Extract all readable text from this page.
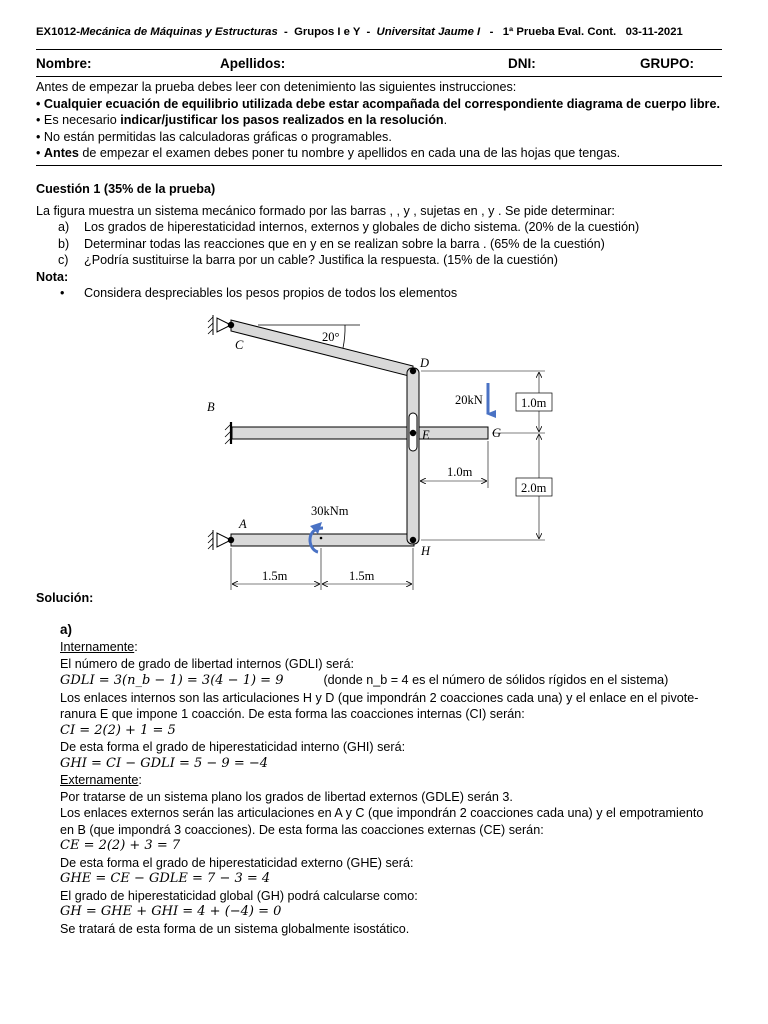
EX1012-Mecánica de Máquinas y Estructuras - Grupos I e Y - Universitat Jaume I - 1ª Prueba Eval. Cont. 03-11-2021
Nombre:	Apellidos:	DNI:	GRUPO:
Antes de empezar la prueba debes leer con detenimiento las siguientes instrucciones:
• Cualquier ecuación de equilibrio utilizada debe estar acompañada del correspondiente diagrama de cuerpo libre.
• Es necesario indicar/justificar los pasos realizados en la resolución.
• No están permitidas las calculadoras gráficas o programables.
• Antes de empezar el examen debes poner tu nombre y apellidos en cada una de las hojas que tengas.
Cuestión 1 (35% de la prueba)
La figura muestra un sistema mecánico formado por las barras , , y , sujetas en , y . Se pide determinar:
a)	Los grados de hiperestaticidad internos, externos y globales de dicho sistema. (20% de la cuestión)
b)	Determinar todas las reacciones que en y en se realizan sobre la barra . (65% de la cuestión)
c)	¿Podría sustituirse la barra por un cable? Justifica la respuesta. (15% de la cuestión)
Nota:
•	Considera despreciables los pesos propios de todos los elementos
20°
20kN
30kNm
1.0m
2.0m
1.0m
1.5m	1.5m
C
D
B
E	G
A
H
Solución:
a)
Internamente:
El número de grado de libertad internos (GDLI) será:
GDLI = 3(n_b − 1) = 3(4 − 1) = 9	(donde n_b = 4 es el número de sólidos rígidos en el sistema)
Los enlaces internos son las articulaciones H y D (que impondrán 2 coacciones cada una) y el enlace en el pivote-
ranura E que impone 1 coacción. De esta forma las coacciones internas (CI) serán:
CI = 2(2) + 1 = 5
De esta forma el grado de hiperestaticidad interno (GHI) será:
GHI = CI − GDLI = 5 − 9 = −4
Externamente:
Por tratarse de un sistema plano los grados de libertad externos (GDLE) serán 3.
Los enlaces externos serán las articulaciones en A y C (que impondrán 2 coacciones cada una) y el empotramiento
en B (que impondrá 3 coacciones). De esta forma las coacciones externas (CE) serán:
CE = 2(2) + 3 = 7
De esta forma el grado de hiperestaticidad externo (GHE) será:
GHE = CE − GDLE = 7 − 3 = 4
El grado de hiperestaticidad global (GH) podrá calcularse como:
GH = GHE + GHI = 4 + (−4) = 0
Se tratará de esta forma de un sistema globalmente isostático.
